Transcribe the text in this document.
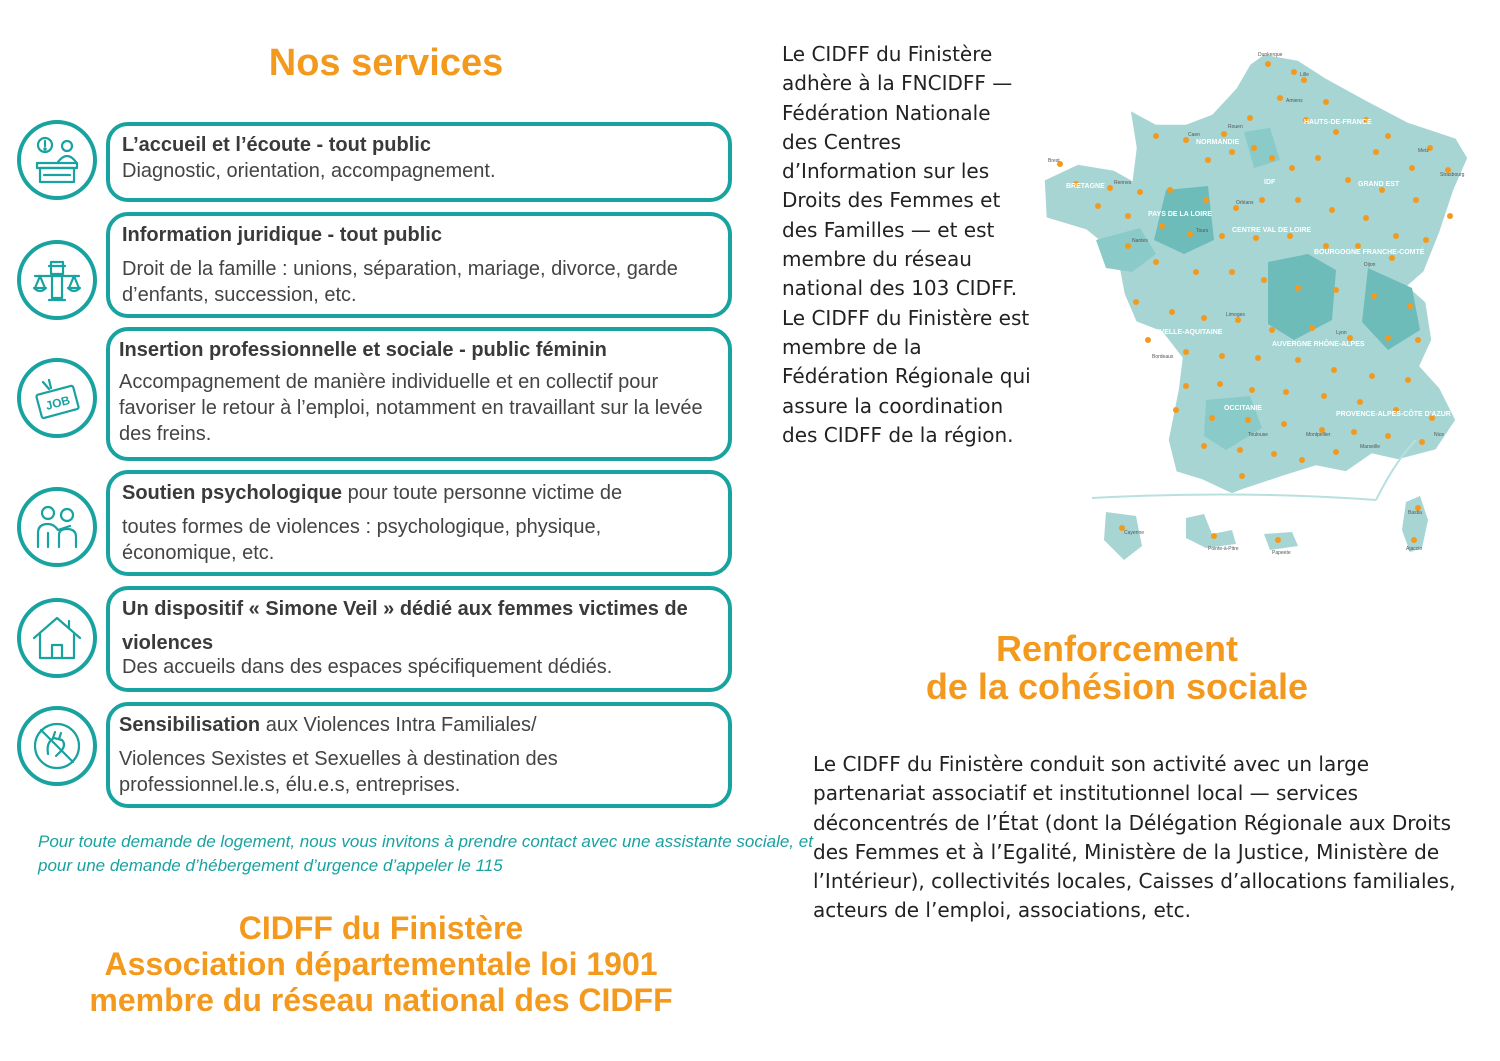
Nos services
JOB
L’accueil et l’écoute - tout public
Diagnostic, orientation, accompagnement.
Information juridique - tout public

Droit de la famille : unions, séparation, mariage, divorce, garde d’enfants, succession, etc.
Insertion professionnelle et sociale - public féminin

Accompagnement de manière individuelle et en collectif pour favoriser le retour à l’emploi, notamment en travaillant sur la levée des freins.
Soutien psychologique pour toute personne victime de

toutes formes de violences : psychologique, physique, économique, etc.
Un dispositif « Simone Veil » dédié aux femmes victimes de violences
Des accueils dans des espaces spécifiquement dédiés.
Sensibilisation aux Violences Intra Familiales/

Violences Sexistes et Sexuelles à destination des professionnel.le.s, élu.e.s, entreprises.
Pour toute demande de logement, nous vous invitons à prendre contact avec une assistante sociale, et pour une demande d’hébergement d’urgence d’appeler le 115
CIDFF du Finistère
Association départementale loi 1901
membre du réseau national des CIDFF
Le CIDFF du Finistère adhère à la FNCIDFF — Fédération Nationale des Centres d’Information sur les Droits des Femmes et des Familles — et est membre du réseau national des 103 CIDFF.
Le CIDFF du Finistère est membre de la Fédération Régionale qui assure la coordination des CIDFF de la région.
HAUTS-DE-FRANCE
NORMANDIE
IDF	GRAND EST
BRETAGNE
PAYS DE LA LOIRE
CENTRE VAL DE LOIRE
BOURGOGNE FRANCHE-COMTÉ
NOUVELLE-AQUITAINE
AUVERGNE RHÔNE-ALPES
OCCITANIE
PROVENCE-ALPES-CÔTE D'AZUR
Dunkerque
Lille
Amiens
Rouen
Caen
Brest
Rennes
Nantes
Orléans
Tours
Limoges
Bordeaux
Toulouse
Lyon
Marseille
Nice
Strasbourg
Metz
Dijon
Montpellier
Cayenne
Pointe-à-Pitre
Papeete
Bastia
Ajaccio
Renforcement
de la cohésion sociale
Le CIDFF du Finistère conduit son activité avec un large partenariat associatif et institutionnel local — services déconcentrés de l’État (dont la Délégation Régionale aux Droits des Femmes et à l’Egalité, Ministère de la Justice, Ministère de l’Intérieur), collectivités locales, Caisses d’allocations familiales, acteurs de l’emploi, associations, etc.
